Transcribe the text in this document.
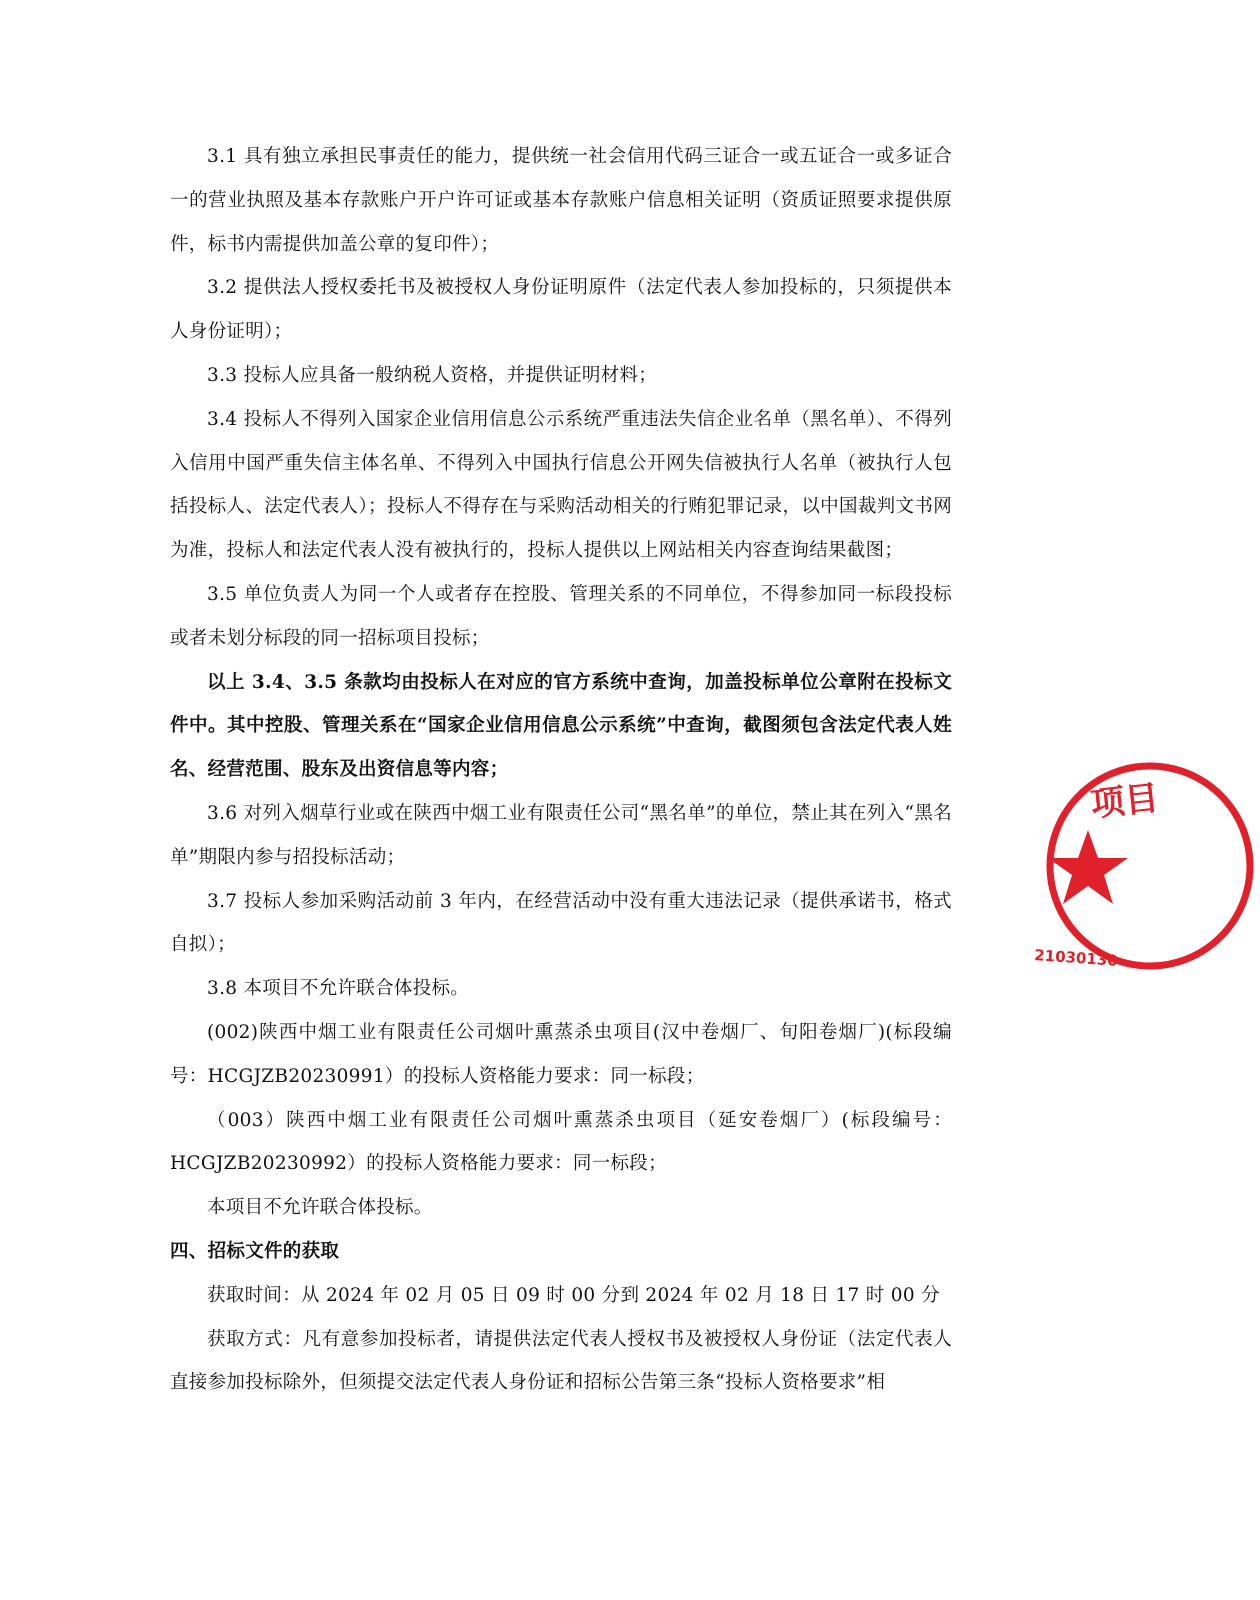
3.1 具有独立承担民事责任的能力，提供统一社会信用代码三证合一或五证合一或多证合一的营业执照及基本存款账户开户许可证或基本存款账户信息相关证明（资质证照要求提供原件，标书内需提供加盖公章的复印件）；

3.2 提供法人授权委托书及被授权人身份证明原件（法定代表人参加投标的，只须提供本人身份证明）；

3.3 投标人应具备一般纳税人资格，并提供证明材料；

3.4 投标人不得列入国家企业信用信息公示系统严重违法失信企业名单（黑名单）、不得列入信用中国严重失信主体名单、不得列入中国执行信息公开网失信被执行人名单（被执行人包括投标人、法定代表人）；投标人不得存在与采购活动相关的行贿犯罪记录，以中国裁判文书网为准，投标人和法定代表人没有被执行的，投标人提供以上网站相关内容查询结果截图；

3.5 单位负责人为同一个人或者存在控股、管理关系的不同单位，不得参加同一标段投标或者未划分标段的同一招标项目投标；

以上 3.4、3.5 条款均由投标人在对应的官方系统中查询，加盖投标单位公章附在投标文件中。其中控股、管理关系在“国家企业信用信息公示系统”中查询，截图须包含法定代表人姓名、经营范围、股东及出资信息等内容；

3.6 对列入烟草行业或在陕西中烟工业有限责任公司“黑名单”的单位，禁止其在列入“黑名单”期限内参与招投标活动；

3.7 投标人参加采购活动前 3 年内，在经营活动中没有重大违法记录（提供承诺书，格式自拟）；

3.8 本项目不允许联合体投标。

(002)陕西中烟工业有限责任公司烟叶熏蒸杀虫项目(汉中卷烟厂、旬阳卷烟厂)(标段编号：HCGJZB20230991）的投标人资格能力要求：同一标段；

（003）陕西中烟工业有限责任公司烟叶熏蒸杀虫项目（延安卷烟厂）(标段编号：HCGJZB20230992）的投标人资格能力要求：同一标段；

本项目不允许联合体投标。

四、招标文件的获取

获取时间：从 2024 年 02 月 05 日 09 时 00 分到 2024 年 02 月 18 日 17 时 00 分

获取方式：凡有意参加投标者，请提供法定代表人授权书及被授权人身份证（法定代表人直接参加投标除外，但须提交法定代表人身份证和招标公告第三条“投标人资格要求”相

项目
21030130
